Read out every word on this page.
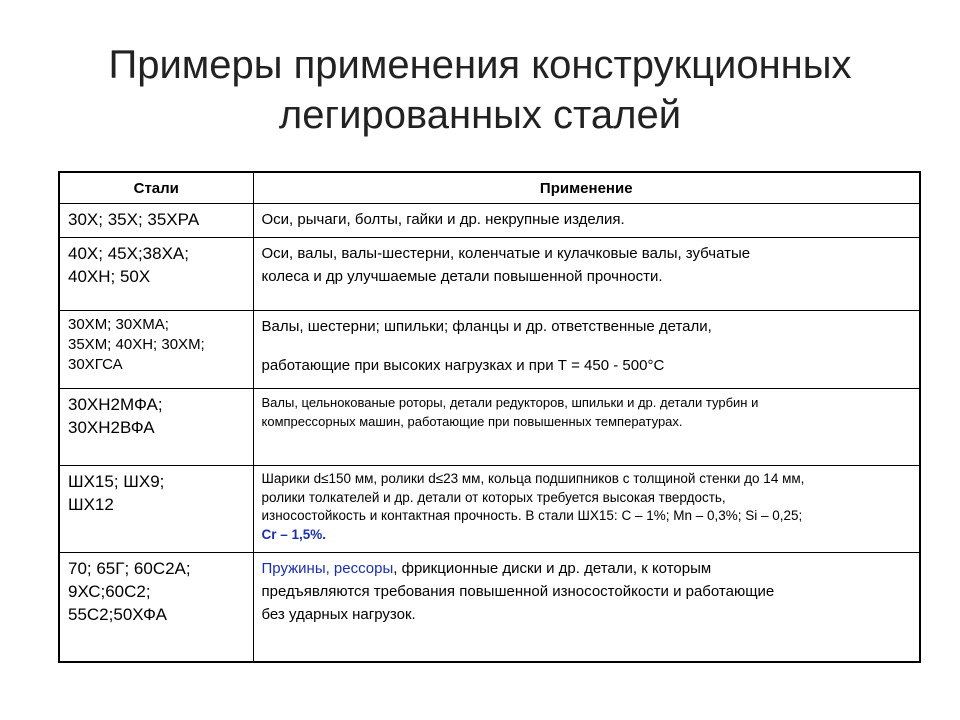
Примеры применения конструкционных
легированных сталей
Стали	Применение

30Х; 35Х; 35ХРА	Оси, рычаги, болты, гайки и др. некрупные изделия.

40Х; 45Х;38ХА;
40ХН; 50Х	Оси, валы, валы-шестерни, коленчатые и кулачковые валы, зубчатые
колеса и др улучшаемые детали повышенной прочности.

30ХМ; 30ХМА;
35ХМ; 40ХН; 30ХМ;
30ХГСА	Валы, шестерни; шпильки; фланцы и др. ответственные детали,
работающие при высоких нагрузках и при Т = 450 - 500°С

30ХН2МФА;
30ХН2ВФА	Валы, цельнокованые роторы, детали редукторов, шпильки и др. детали турбин и
компрессорных машин, работающие при повышенных температурах.

ШХ15; ШХ9;
ШХ12	Шарики d≤150 мм, ролики d≤23 мм, кольца подшипников с толщиной стенки до 14 мм,
ролики толкателей и др. детали от которых требуется высокая твердость,
износостойкость и контактная прочность. В стали ШХ15: С – 1%; Mn – 0,3%; Si – 0,25;
Cr – 1,5%.

70; 65Г; 60С2А;
9ХС;60С2;
55С2;50ХФА	Пружины, рессоры, фрикционные диски и др. детали, к которым
предъявляются требования повышенной износостойкости и работающие
без ударных нагрузок.
